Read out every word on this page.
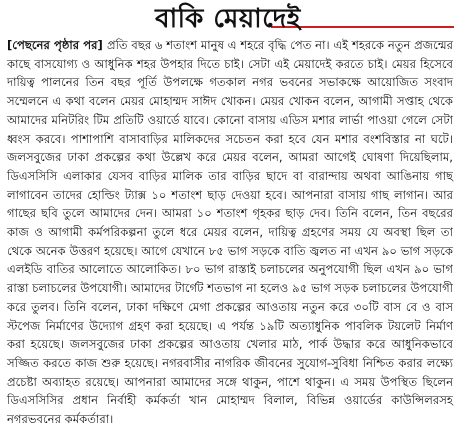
বাকি মেয়াদেই

[পেছনের পৃষ্ঠার পর] প্রতি বছর ৬ শতাংশ মানুষ এ শহরে বৃদ্ধি পেত না। এই শহরকে নতুন প্রজন্মের কাছে বাসযোগ্য ও আধুনিক শহর উপহার দিতে চাই। সেটা এই মেয়াদেই করতে চাই। মেয়র হিসেবে দায়িত্ব পালনের তিন বছর পূর্তি উপলক্ষে গতকাল নগর ভবনের সভাকক্ষে আয়োজিত সংবাদ সম্মেলনে এ কথা বলেন মেয়র মোহাম্মদ সাঈদ খোকন। মেয়র খোকন বলেন, আগামী সপ্তাহ থেকে আমাদের মনিটরিং টিম প্রতিটি ওয়ার্ডে যাবে। কোনো বাসায় এডিস মশার লার্ভা পাওয়া গেলে সেটা ধ্বংস করবে। পাশাপাশি বাসাবাড়ির মালিকদের সচেতন করা হবে যেন মশার বংশবিস্তার না ঘটে। জলসবুজের ঢাকা প্রকল্পের কথা উল্লেখ করে মেয়র বলেন, আমরা আগেই ঘোষণা দিয়েছিলাম, ডিএসসিসি এলাকার যেসব বাড়ির মালিক তার বাড়ির ছাদে বা বারান্দায় অথবা আঙিনায় গাছ লাগাবেন তাদের হোল্ডিং ট্যাক্স ১০ শতাংশ ছাড় দেওয়া হবে। আপনারা বাসায় গাছ লাগান। আর গাছের ছবি তুলে আমাদের দেন। আমরা ১০ শতাংশ গৃহকর ছাড় দেব। তিনি বলেন, তিন বছরের কাজ ও আগামী কর্মপরিকল্পনা তুলে ধরে মেয়র বলেন, দায়িত্ব গ্রহণের সময় যে অবস্থা ছিল তা থেকে অনেক উত্তরণ হয়েছে। আগে যেখানে ৮৫ ভাগ সড়কে বাতি জ্বলত না এখন ৯০ ভাগ সড়কে এলইডি বাতির আলোতে আলোকিত। ৮০ ভাগ রাস্তাই চলাচলের অনুপযোগী ছিল এখন ৯০ ভাগ রাস্তা চলাচলের উপযোগী। আমাদের টার্গেট শতভাগ না হলেও ৯৫ ভাগ সড়ক চলাচলের উপযোগী করে তুলব। তিনি বলেন, ঢাকা দক্ষিণে মেগা প্রকল্পের আওতায় নতুন করে ৩০টি বাস বে ও বাস স্টপেজ নির্মাণের উদ্যোগ গ্রহণ করা হয়েছে। এ পর্যন্ত ১৯টি অত্যাধুনিক পাবলিক টয়লেট নির্মাণ করা হয়েছে। জলসবুজের ঢাকা প্রকল্পের আওতায় খেলার মাঠ, পার্ক উদ্ধার করে আধুনিকভাবে সজ্জিত করতে কাজ শুরু হয়েছে। নগরবাসীর নাগরিক জীবনের সুযোগ-সুবিধা নিশ্চিত করার লক্ষ্যে প্রচেষ্টা অব্যাহত রয়েছে। আপনারা আমাদের সঙ্গে থাকুন, পাশে থাকুন। এ সময় উপস্থিত ছিলেন ডিএসসিসির প্রধান নির্বাহী কর্মকর্তা খান মোহাম্মদ বিলাল, বিভিন্ন ওয়ার্ডের কাউন্সিলরসহ নগরভবনের কর্মকর্তারা।
